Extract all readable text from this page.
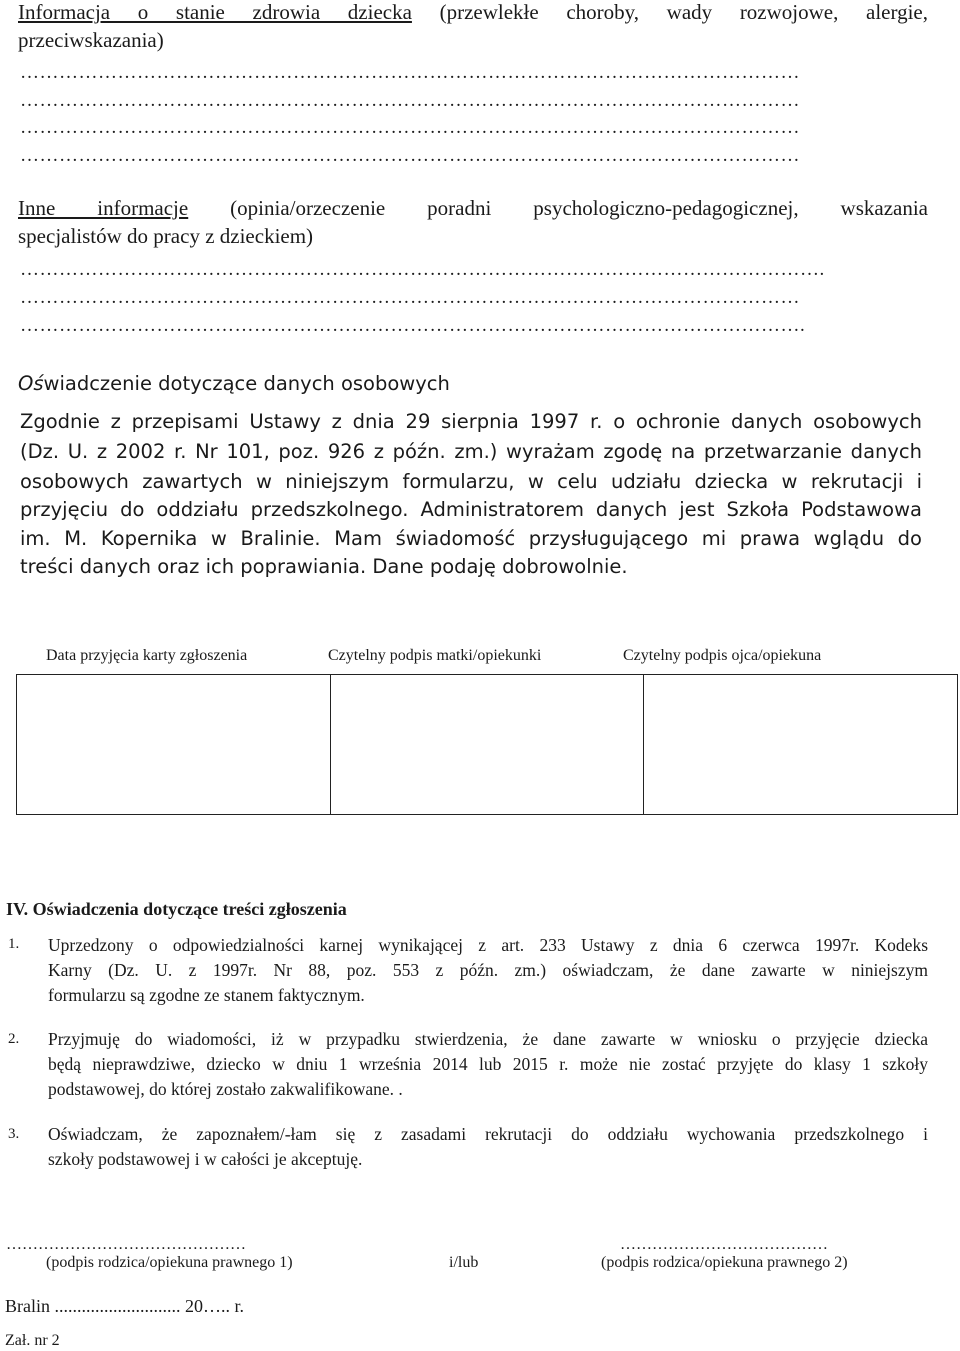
Informacja o stanie zdrowia dziecka (przewlekłe choroby, wady rozwojowe, alergie,
przeciwskazania)
…………………………………………………………………………………………………………
…………………………………………………………………………………………………………
…………………………………………………………………………………………………………
…………………………………………………………………………………………………………
Inne informacje (opinia/orzeczenie poradni psychologiczno-pedagogicznej, wskazania
specjalistów do pracy z dzieckiem)
…………………………………………………………………………………………………………….
…………………………………………………………………………………………………………
………………………………………………………………………………………………………….
Oświadczenie dotyczące danych osobowych
Zgodnie z przepisami Ustawy z dnia 29 sierpnia 1997 r. o ochronie danych osobowych
(Dz. U. z 2002 r. Nr 101, poz. 926 z późn. zm.) wyrażam zgodę na przetwarzanie danych
osobowych zawartych w niniejszym formularzu, w celu udziału dziecka w rekrutacji i
przyjęciu do oddziału przedszkolnego. Administratorem danych jest Szkoła Podstawowa
im. M. Kopernika w Bralinie. Mam świadomość przysługującego mi prawa wglądu do
treści danych oraz ich poprawiania. Dane podaję dobrowolnie.
Data przyjęcia karty zgłoszenia	Czytelny podpis matki/opiekunki	Czytelny podpis ojca/opiekuna
IV. Oświadczenia dotyczące treści zgłoszenia
1. Uprzedzony o odpowiedzialności karnej wynikającej z art. 233 Ustawy z dnia 6 czerwca 1997r. Kodeks
Karny (Dz. U. z 1997r. Nr 88, poz. 553 z późn. zm.) oświadczam, że dane zawarte w niniejszym
formularzu są zgodne ze stanem faktycznym.
2. Przyjmuję do wiadomości, iż w przypadku stwierdzenia, że dane zawarte w wniosku o przyjęcie dziecka
będą nieprawdziwe, dziecko w dniu 1 września 2014 lub 2015 r. może nie zostać przyjęte do klasy 1 szkoły
podstawowej, do której zostało zakwalifikowane. .
3. Oświadczam, że zapoznałem/-łam się z zasadami rekrutacji do oddziału wychowania przedszkolnego i
szkoły podstawowej i w całości je akceptuję.
………………………………………	…………………………………
(podpis rodzica/opiekuna prawnego 1)	i/lub	(podpis rodzica/opiekuna prawnego 2)
Bralin ............................ 20….. r.
Zał. nr 2
